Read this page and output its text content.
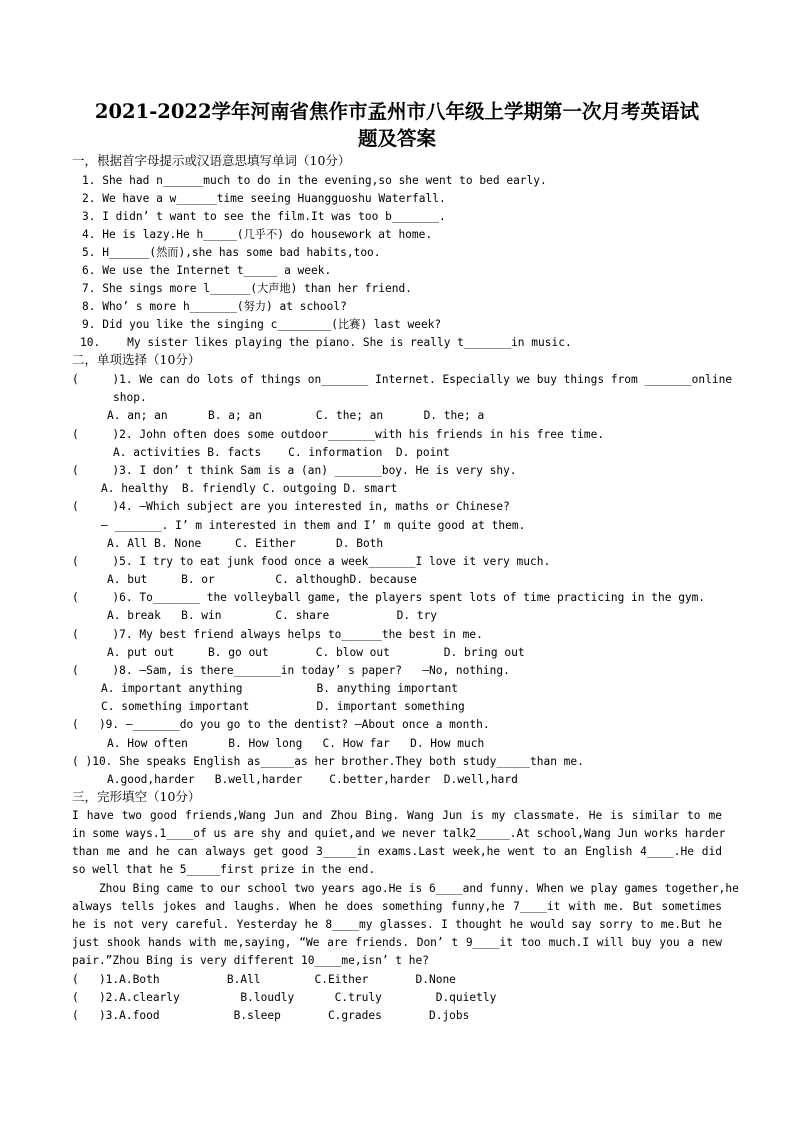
2021-2022学年河南省焦作市孟州市八年级上学期第一次月考英语试
题及答案
一，根据首字母提示或汉语意思填写单词（10分）
1. She had n______much to do in the evening,so she went to bed early.
2. We have a w______time seeing Huangguoshu Waterfall.
3. I didn’ t want to see the film.It was too b_______.
4. He is lazy.He h_____(几乎不) do housework at home.
5. H______(然而),she has some bad habits,too.
6. We use the Internet t_____ a week.
7. She sings more l______(大声地) than her friend.
8. Who’ s more h_______(努力) at school?
9. Did you like the singing c________(比赛) last week?
10.    My sister likes playing the piano. She is really t_______in music.
二，单项选择（10分）
(     )1. We can do lots of things on_______ Internet. Especially we buy things from _______online
shop.
A. an; an      B. a; an        C. the; an      D. the; a
(     )2. John often does some outdoor_______with his friends in his free time.
A. activities B. facts    C. information  D. point
(     )3. I don’ t think Sam is a (an) _______boy. He is very shy.
A. healthy  B. friendly C. outgoing D. smart
(     )4. —Which subject are you interested in, maths or Chinese?
— _______. I’ m interested in them and I’ m quite good at them.
A. All B. None     C. Either      D. Both
(     )5. I try to eat junk food once a week_______I love it very much.
A. but     B. or         C. althoughD. because
(     )6. To_______ the volleyball game, the players spent lots of time practicing in the gym.
A. break   B. win        C. share          D. try
(     )7. My best friend always helps to______the best in me.
A. put out     B. go out       C. blow out        D. bring out
(     )8. —Sam, is there_______in today’ s paper?   —No, nothing.
A. important anything           B. anything important
C. something important          D. important something
(   )9. —_______do you go to the dentist? —About once a month.
A. How often      B. How long   C. How far   D. How much
( )10. She speaks English as_____as her brother.They both study_____than me.
A.good,harder   B.well,harder    C.better,harder  D.well,hard
三，完形填空（10分）
I have two good friends,Wang Jun and Zhou Bing. Wang Jun is my classmate. He is similar to me
in some ways.1____of us are shy and quiet,and we never talk2_____.At school,Wang Jun works harder
than me and he can always get good 3_____in exams.Last week,he went to an English 4____.He did
so well that he 5_____first prize in the end.
Zhou Bing came to our school two years ago.He is 6____and funny. When we play games together,he
always tells jokes and laughs. When he does something funny,he 7____it with me. But sometimes
he is not very careful. Yesterday he 8____my glasses. I thought he would say sorry to me.But he
just shook hands with me,saying, “We are friends. Don’ t 9____it too much.I will buy you a new
pair.”Zhou Bing is very different 10____me,isn’ t he?
(   )1.A.Both          B.All        C.Either       D.None
(   )2.A.clearly         B.loudly      C.truly        D.quietly
(   )3.A.food           B.sleep       C.grades       D.jobs
